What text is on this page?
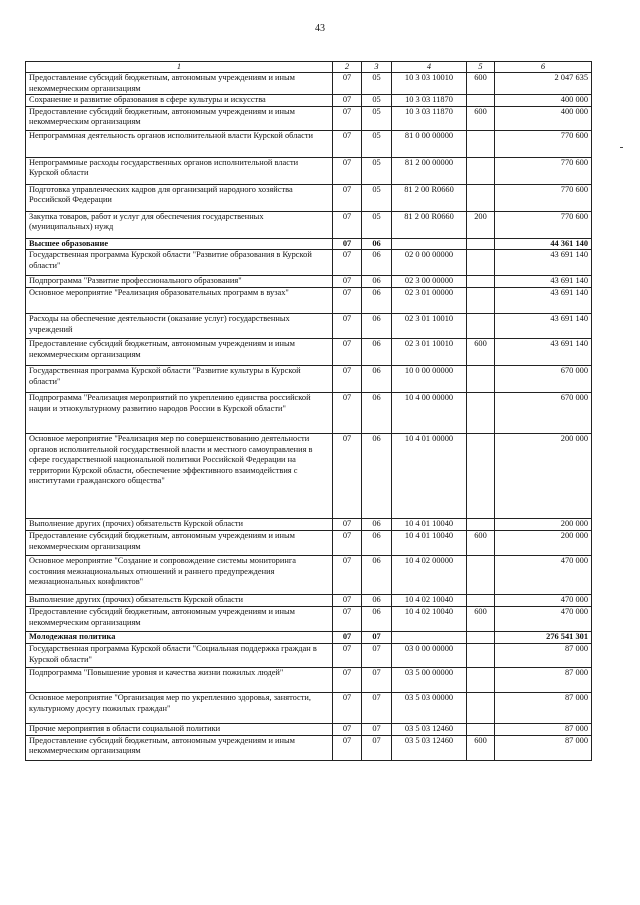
43
1	2	3	4	5	6
Предоставление субсидий бюджетным, автономным учреждениям и иным некоммерческим организациям	07	05	10 3 03 10010	600	2 047 635
Сохранение и развитие образования в сфере культуры и искусства	07	05	10 3 03 11870		400 000
Предоставление субсидий бюджетным, автономным учреждениям и иным некоммерческим организациям	07	05	10 3 03 11870	600	400 000
Непрограммная деятельность органов исполнительной власти Курской области	07	05	81 0 00 00000		770 600
Непрограммные расходы государственных органов исполнительной власти Курской области	07	05	81 2 00 00000		770 600
Подготовка управленческих кадров для организаций народного хозяйства Российской Федерации	07	05	81 2 00 R0660		770 600
Закупка товаров, работ и услуг для обеспечения государственных (муниципальных) нужд	07	05	81 2 00 R0660	200	770 600
Высшее образование	07	06			44 361 140
Государственная программа Курской области "Развитие образования в Курской области"	07	06	02 0 00 00000		43 691 140
Подпрограмма "Развитие профессионального образования"	07	06	02 3 00 00000		43 691 140
Основное мероприятие "Реализация образовательных программ в вузах"	07	06	02 3 01 00000		43 691 140
Расходы на обеспечение деятельности (оказание услуг) государственных учреждений	07	06	02 3 01 10010		43 691 140
Предоставление субсидий бюджетным, автономным учреждениям и иным некоммерческим организациям	07	06	02 3 01 10010	600	43 691 140
Государственная программа Курской области "Развитие культуры в Курской области"	07	06	10 0 00 00000		670 000
Подпрограмма "Реализация мероприятий по укреплению единства российской нации и этнокультурному развитию народов России в Курской области"	07	06	10 4 00 00000		670 000
Основное мероприятие "Реализация мер по совершенствованию деятельности органов исполнительной государственной власти и местного самоуправления в сфере государственной национальной политики Российской Федерации на территории Курской области, обеспечение эффективного взаимодействия с институтами гражданского общества"	07	06	10 4 01 00000		200 000
Выполнение других (прочих) обязательств Курской области	07	06	10 4 01 10040		200 000
Предоставление субсидий бюджетным, автономным учреждениям и иным некоммерческим организациям	07	06	10 4 01 10040	600	200 000
Основное мероприятие "Создание и сопровождение системы мониторинга состояния межнациональных отношений и раннего предупреждения межнациональных конфликтов"	07	06	10 4 02 00000		470 000
Выполнение других (прочих) обязательств Курской области	07	06	10 4 02 10040		470 000
Предоставление субсидий бюджетным, автономным учреждениям и иным некоммерческим организациям	07	06	10 4 02 10040	600	470 000
Молодежная политика	07	07			276 541 301
Государственная программа Курской области "Социальная поддержка граждан в Курской области"	07	07	03 0 00 00000		87 000
Подпрограмма "Повышение уровня и качества жизни пожилых людей"	07	07	03 5 00 00000		87 000
Основное мероприятие "Организация мер по укреплению здоровья, занятости, культурному досугу пожилых граждан"	07	07	03 5 03 00000		87 000
Прочие мероприятия в области социальной политики	07	07	03 5 03 12460		87 000
Предоставление субсидий бюджетным, автономным учреждениям и иным некоммерческим организациям	07	07	03 5 03 12460	600	87 000
